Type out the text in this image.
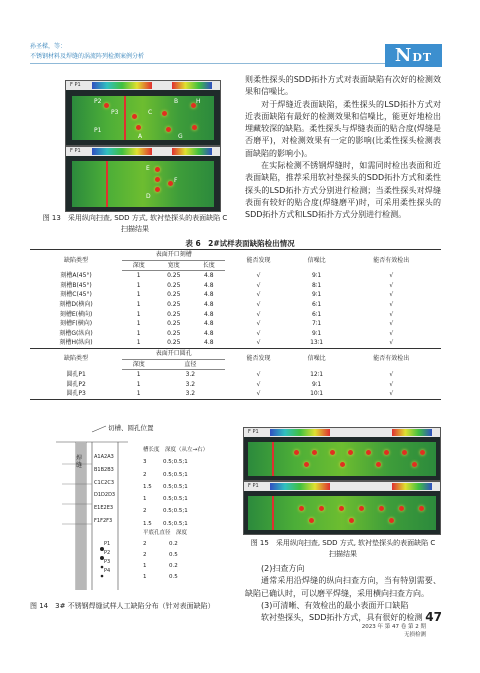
孙圣樑，等：
不锈钢材料及焊缝的涡流阵列检测案例分析	NDT
F P1
P2	B	H
P3	C
P1
A	G
F P1
E
F
D
图 13　采用纵向扫查, SDD 方式, 软衬垫探头的表面缺陷 C
扫描结果

则柔性探头的SDD拓扑方式对表面缺陷有次好的检测效果和信噪比。

对于焊缝近表面缺陷，柔性探头的LSD拓扑方式对近表面缺陷有最好的检测效果和信噪比，能更好地检出埋藏较深的缺陷。柔性探头与焊缝表面的贴合度(焊缝是否磨平)，对检测效果有一定的影响(比柔性探头检测表面缺陷的影响小)。

在实际检测不锈钢焊缝时，如需同时检出表面和近表面缺陷，推荐采用软衬垫探头的SDD拓扑方式和柔性探头的LSD拓扑方式分别进行检测；当柔性探头对焊缝表面有较好的贴合度(焊缝磨平)时，可采用柔性探头的SDD拓扑方式和LSD拓扑方式分别进行检测。

表 6　2#试样表面缺陷检出情况
缺陷类型	表面开口刻槽			能否发现	信噪比	能否有效检出
	深度	宽度	长度			
刻槽A(45°)	1	0.25	4.8	√	9∶1	√
刻槽B(45°)	1	0.25	4.8	√	8∶1	√
刻槽C(45°)	1	0.25	4.8	√	9∶1	√
刻槽D(横向)	1	0.25	4.8	√	6∶1	√
刻槽E(横向)	1	0.25	4.8	√	6∶1	√
刻槽F(横向)	1	0.25	4.8	√	7∶1	√
刻槽G(纵向)	1	0.25	4.8	√	9∶1	√
刻槽H(纵向)	1	0.25	4.8	√	13∶1	√
缺陷类型	表面开口圆孔			能否发现	信噪比	能否有效检出
	深度	直径				
圆孔P1	1	3.2		√	12∶1	√
圆孔P2	1	3.2		√	9∶1	√
圆孔P3	1	3.2		√	10∶1	√
切槽、圆孔位置
焊缝
A1A2A3
B1B2B3
C1C2C3
D1D2D3
E1E2E3
F1F2F3
槽长度　深度（从左→右）
3	0.5;0.5;1
2	0.5;0.5;1
1.5 0.5;0.5;1
1	0.5;0.5;1
2	0.5;0.5;1
1.5 0.5;0.5;1
平底孔直径　深度
2	0.2
2	0.5
1	0.2
1	0.5
P1
P2
P3
P4
图 14　3# 不锈钢焊缝试样人工缺陷分布（针对表面缺陷）
F P1
F P1
图 15　采用纵向扫查, SDD 方式, 软衬垫探头的表面缺陷 C
扫描结果

(2)扫查方向

通常采用沿焊缝的纵向扫查方向，当有特别需要、缺陷已确认时，可以磨平焊缝，采用横向扫查方向。

(3)可清晰、有效检出的最小表面开口缺陷

软衬垫探头，SDD拓扑方式，具有很好的检测

2023 年 第 47 卷 第 2 期
无损检测
47
